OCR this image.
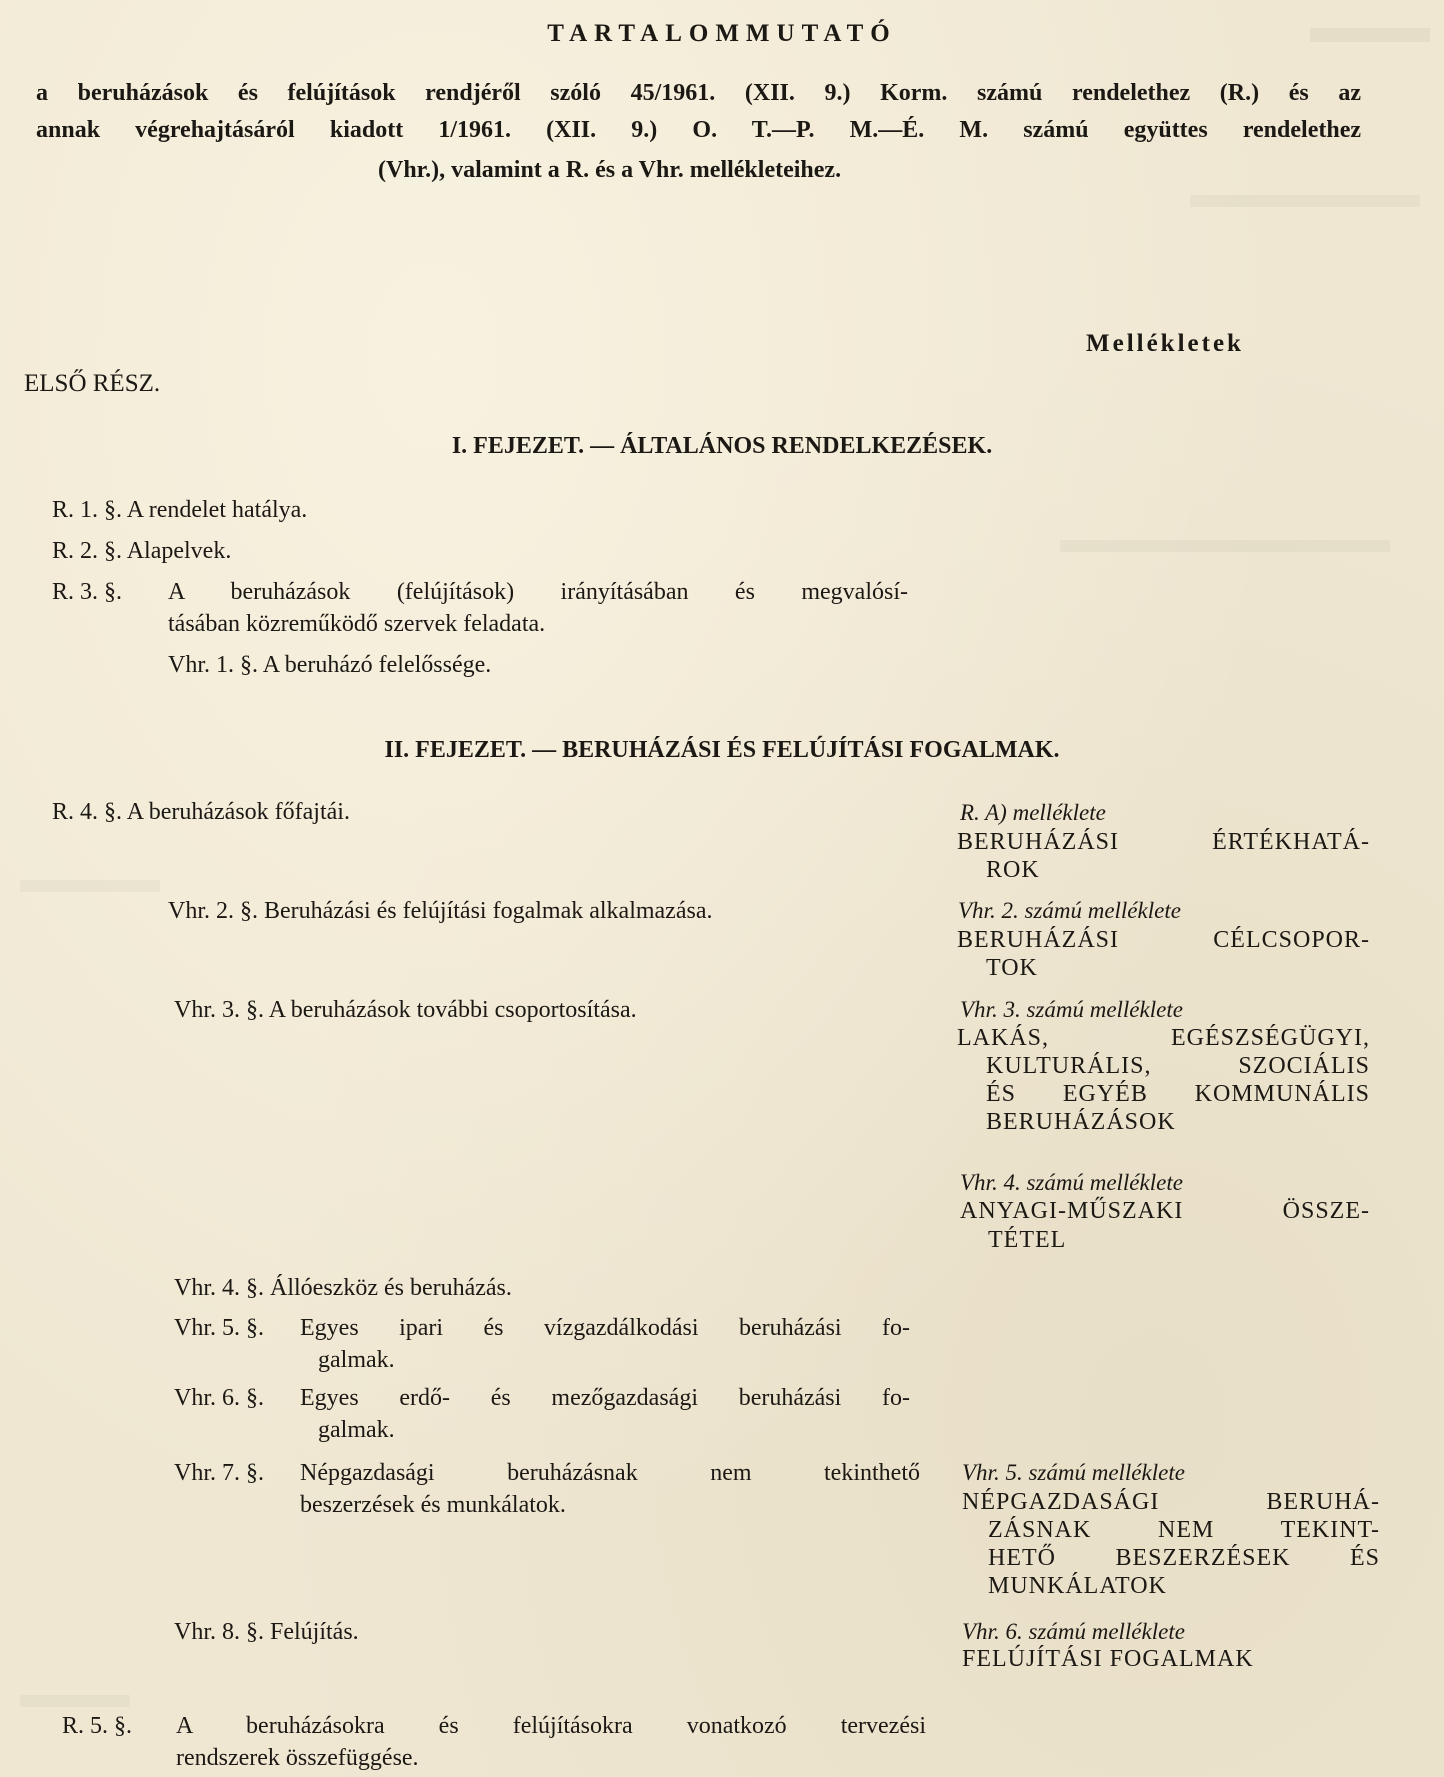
TARTALOMMUTATÓ
a beruházások és felújítások rendjéről szóló 45/1961. (XII. 9.) Korm. számú rendelethez (R.) és az
annak végrehajtásáról kiadott 1/1961. (XII. 9.) O. T.—P. M.—É. M. számú együttes rendelethez
(Vhr.), valamint a R. és a Vhr. mellékleteihez.
Mellékletek
ELSŐ RÉSZ.
I. FEJEZET. — ÁLTALÁNOS RENDELKEZÉSEK.
R. 1. §. A rendelet hatálya.
R. 2. §. Alapelvek.
R. 3. §. A beruházások (felújítások) irányításában és megvalósí-
tásában közreműködő szervek feladata.
Vhr. 1. §. A beruházó felelőssége.
II. FEJEZET. — BERUHÁZÁSI ÉS FELÚJÍTÁSI FOGALMAK.
R. 4. §. A beruházások főfajtái.
Vhr. 2. §. Beruházási és felújítási fogalmak alkalmazása.
Vhr. 3. §. A beruházások további csoportosítása.
Vhr. 4. §. Állóeszköz és beruházás.
Vhr. 5. §. Egyes ipari és vízgazdálkodási beruházási fo-
galmak.
Vhr. 6. §. Egyes erdő- és mezőgazdasági beruházási fo-
galmak.
Vhr. 7. §. Népgazdasági beruházásnak nem tekinthető
beszerzések és munkálatok.
Vhr. 8. §. Felújítás.
R. 5. §. A beruházásokra és felújításokra vonatkozó tervezési
rendszerek összefüggése.
R. A) melléklete
BERUHÁZÁSI ÉRTÉKHATÁ-
ROK
Vhr. 2. számú melléklete
BERUHÁZÁSI CÉLCSOPOR-
TOK
Vhr. 3. számú melléklete
LAKÁS, EGÉSZSÉGÜGYI,
KULTURÁLIS, SZOCIÁLIS
ÉS EGYÉB KOMMUNÁLIS
BERUHÁZÁSOK
Vhr. 4. számú melléklete
ANYAGI-MŰSZAKI ÖSSZE-
TÉTEL
Vhr. 5. számú melléklete
NÉPGAZDASÁGI BERUHÁ-
ZÁSNAK NEM TEKINT-
HETŐ BESZERZÉSEK ÉS
MUNKÁLATOK
Vhr. 6. számú melléklete
FELÚJÍTÁSI FOGALMAK
